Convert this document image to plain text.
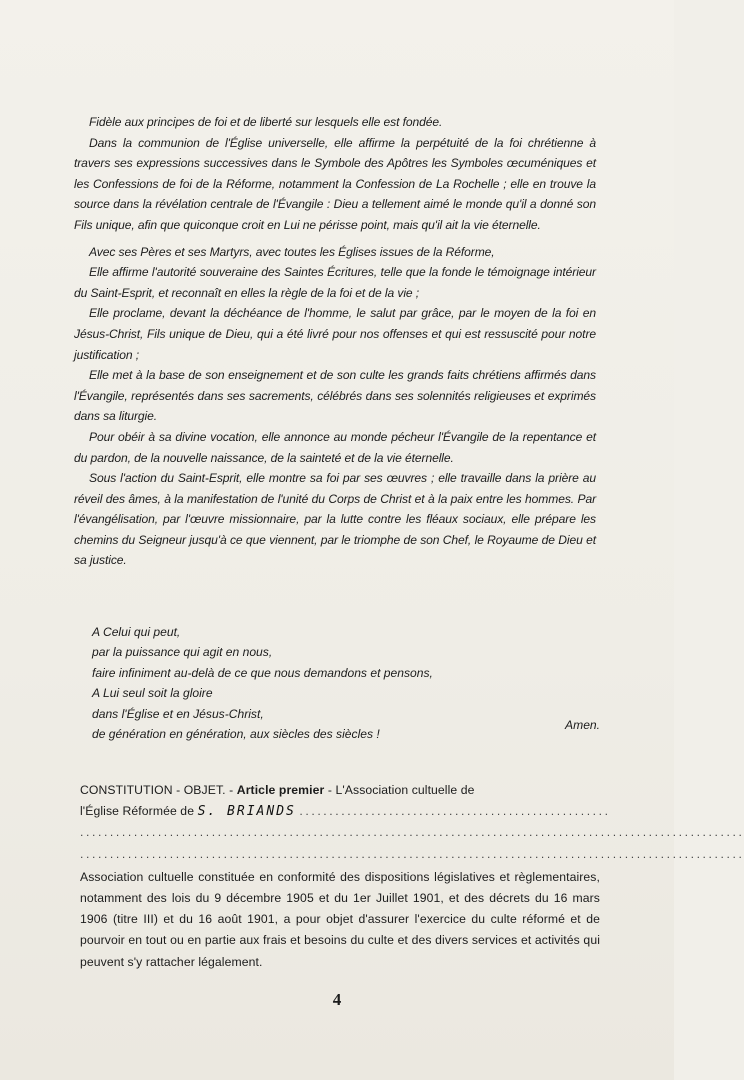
Fidèle aux principes de foi et de liberté sur lesquels elle est fondée.

Dans la communion de l'Église universelle, elle affirme la perpétuité de la foi chrétienne à travers ses expressions successives dans le Symbole des Apôtres les Symboles œcuméniques et les Confessions de foi de la Réforme, notamment la Confession de La Rochelle ; elle en trouve la source dans la révélation centrale de l'Évangile : Dieu a tellement aimé le monde qu'il a donné son Fils unique, afin que quiconque croit en Lui ne périsse point, mais qu'il ait la vie éternelle.

Avec ses Pères et ses Martyrs, avec toutes les Églises issues de la Réforme,

Elle affirme l'autorité souveraine des Saintes Écritures, telle que la fonde le témoignage intérieur du Saint-Esprit, et reconnaît en elles la règle de la foi et de la vie ;

Elle proclame, devant la déchéance de l'homme, le salut par grâce, par le moyen de la foi en Jésus-Christ, Fils unique de Dieu, qui a été livré pour nos offenses et qui est ressuscité pour notre justification ;

Elle met à la base de son enseignement et de son culte les grands faits chrétiens affirmés dans l'Évangile, représentés dans ses sacrements, célébrés dans ses solennités religieuses et exprimés dans sa liturgie.

Pour obéir à sa divine vocation, elle annonce au monde pécheur l'Évangile de la repentance et du pardon, de la nouvelle naissance, de la sainteté et de la vie éternelle.

Sous l'action du Saint-Esprit, elle montre sa foi par ses œuvres ; elle travaille dans la prière au réveil des âmes, à la manifestation de l'unité du Corps de Christ et à la paix entre les hommes. Par l'évangélisation, par l'œuvre missionnaire, par la lutte contre les fléaux sociaux, elle prépare les chemins du Seigneur jusqu'à ce que viennent, par le triomphe de son Chef, le Royaume de Dieu et sa justice.

A Celui qui peut,
par la puissance qui agit en nous,
faire infiniment au-delà de ce que nous demandons et pensons,
A Lui seul soit la gloire
dans l'Église et en Jésus-Christ,
de génération en génération, aux siècles des siècles !
Amen.
CONSTITUTION - OBJET. - Article premier - L'Association cultuelle de
l'Église Réformée de S. BRIANDS ....................................................
...............................................................................................................
...............................................................................................................
Association cultuelle constituée en conformité des dispositions législatives et règlementaires, notamment des lois du 9 décembre 1905 et du 1er Juillet 1901, et des décrets du 16 mars 1906 (titre III) et du 16 août 1901, a pour objet d'assurer l'exercice du culte réformé et de pourvoir en tout ou en partie aux frais et besoins du culte et des divers services et activités qui peuvent s'y rattacher légalement.
4
